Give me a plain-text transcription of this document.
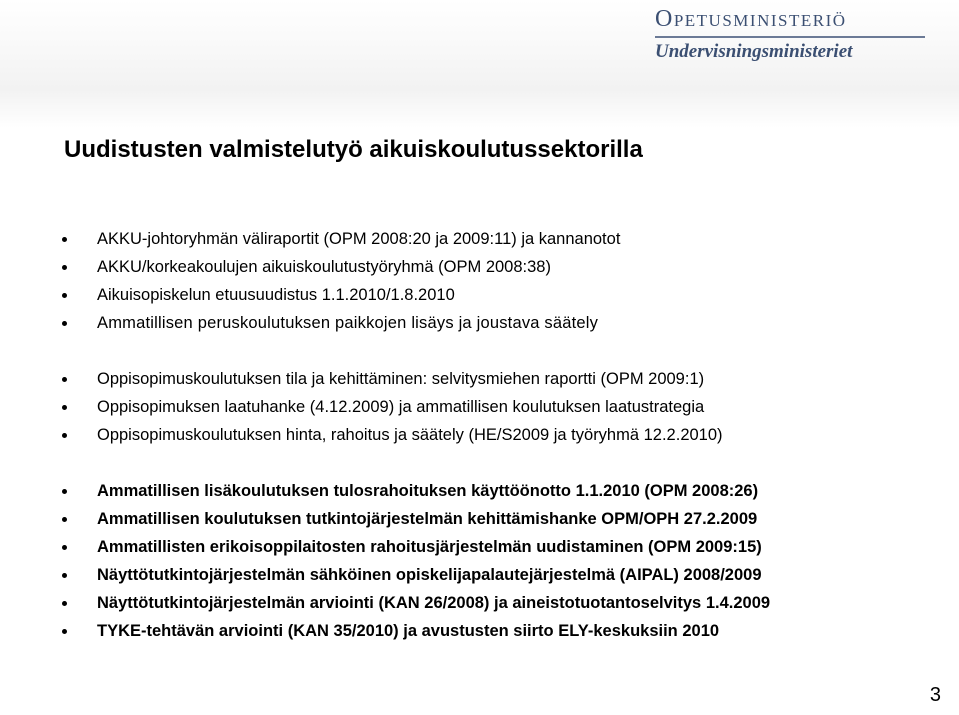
Opetusministeriö
Undervisningsministeriet
Uudistusten valmistelutyö aikuiskoulutussektorilla
AKKU-johtoryhmän väliraportit (OPM 2008:20 ja 2009:11) ja kannanotot
AKKU/korkeakoulujen aikuiskoulutustyöryhmä (OPM 2008:38)
Aikuisopiskelun etuusuudistus 1.1.2010/1.8.2010
Ammatillisen peruskoulutuksen paikkojen lisäys ja joustava säätely
Oppisopimuskoulutuksen tila ja kehittäminen: selvitysmiehen raportti (OPM 2009:1)
Oppisopimuksen laatuhanke (4.12.2009) ja ammatillisen koulutuksen laatustrategia
Oppisopimuskoulutuksen hinta, rahoitus ja säätely (HE/S2009 ja työryhmä 12.2.2010)
Ammatillisen lisäkoulutuksen tulosrahoituksen käyttöönotto 1.1.2010 (OPM 2008:26)
Ammatillisen koulutuksen tutkintojärjestelmän kehittämishanke OPM/OPH 27.2.2009
Ammatillisten erikoisoppilaitosten rahoitusjärjestelmän uudistaminen (OPM 2009:15)
Näyttötutkintojärjestelmän sähköinen opiskelijapalautejärjestelmä (AIPAL) 2008/2009
Näyttötutkintojärjestelmän arviointi (KAN 26/2008) ja aineistotuotantoselvitys 1.4.2009
TYKE-tehtävän arviointi (KAN 35/2010) ja avustusten siirto ELY-keskuksiin 2010
3
